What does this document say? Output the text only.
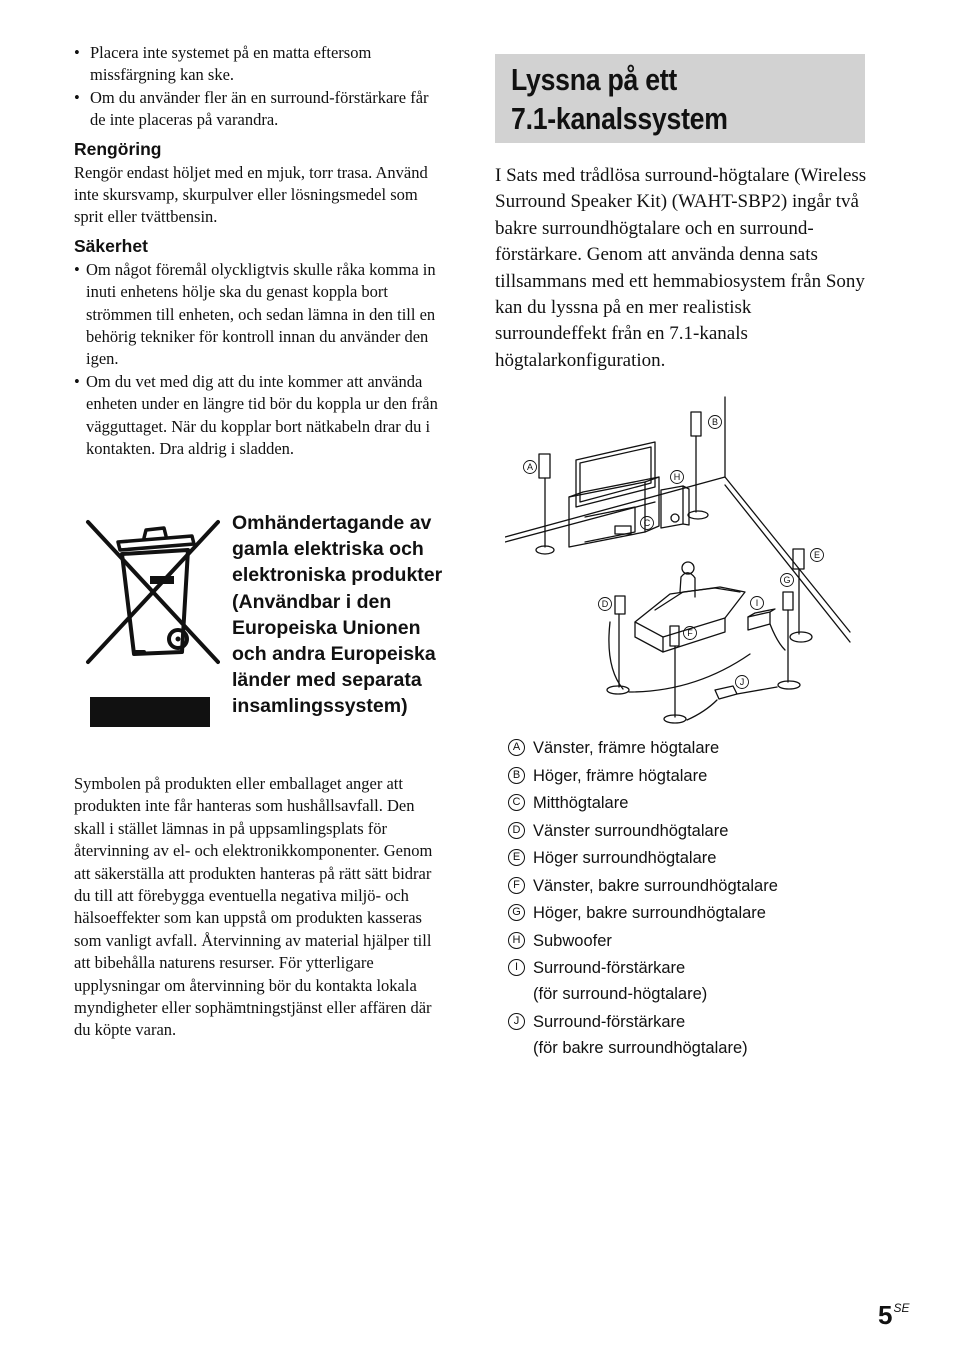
• Placera inte systemet på en matta eftersom missfärgning kan ske.
• Om du använder fler än en surround-förstärkare får de inte placeras på varandra.
Rengöring

Rengör endast höljet med en mjuk, torr trasa. Använd inte skursvamp, skurpulver eller lösningsmedel som sprit eller tvättbensin.

Säkerhet
• Om något föremål olyckligtvis skulle råka komma in inuti enhetens hölje ska du genast koppla bort strömmen till enheten, och sedan lämna in den till en behörig tekniker för kontroll innan du använder den igen.
• Om du vet med dig att du inte kommer att använda enheten under en längre tid bör du koppla ur den från vägguttaget. När du kopplar bort nätkabeln drar du i kontakten. Dra aldrig i sladden.
Omhändertagande av gamla elektriska och elektroniska produkter (Användbar i den Europeiska Unionen och andra Europeiska länder med separata insamlingssystem)

Symbolen på produkten eller emballaget anger att produkten inte får hanteras som hushållsavfall. Den skall i stället lämnas in på uppsamlingsplats för återvinning av el- och elektronikkomponenter. Genom att säkerställa att produkten hanteras på rätt sätt bidrar du till att förebygga eventuella negativa miljö- och hälsoeffekter som kan uppstå om produkten kasseras som vanligt avfall. Återvinning av material hjälper till att bibehålla naturens resurser. För ytterligare upplysningar om återvinning bör du kontakta lokala myndigheter eller sophämtningstjänst eller affären där du köpte varan.

Lyssna på ett
7.1-kanalssystem

I Sats med trådlösa surround-högtalare (Wireless Surround Speaker Kit) (WAHT-SBP2) ingår två bakre surroundhögtalare och en surround-förstärkare. Genom att använda denna sats tillsammans med ett hemmabiosystem från Sony kan du lyssna på en mer realistisk surroundeffekt från en 7.1-kanals högtalarkonfiguration.

A
B
C
D
E
F
G
H
I
J
A Vänster, främre högtalare
B Höger, främre högtalare
C Mitthögtalare
D Vänster surroundhögtalare
E Höger surroundhögtalare
F Vänster, bakre surroundhögtalare
G Höger, bakre surroundhögtalare
H Subwoofer
I Surround-förstärkare
(för surround-högtalare)
J Surround-förstärkare
(för bakre surroundhögtalare)
$5^{SE}$
